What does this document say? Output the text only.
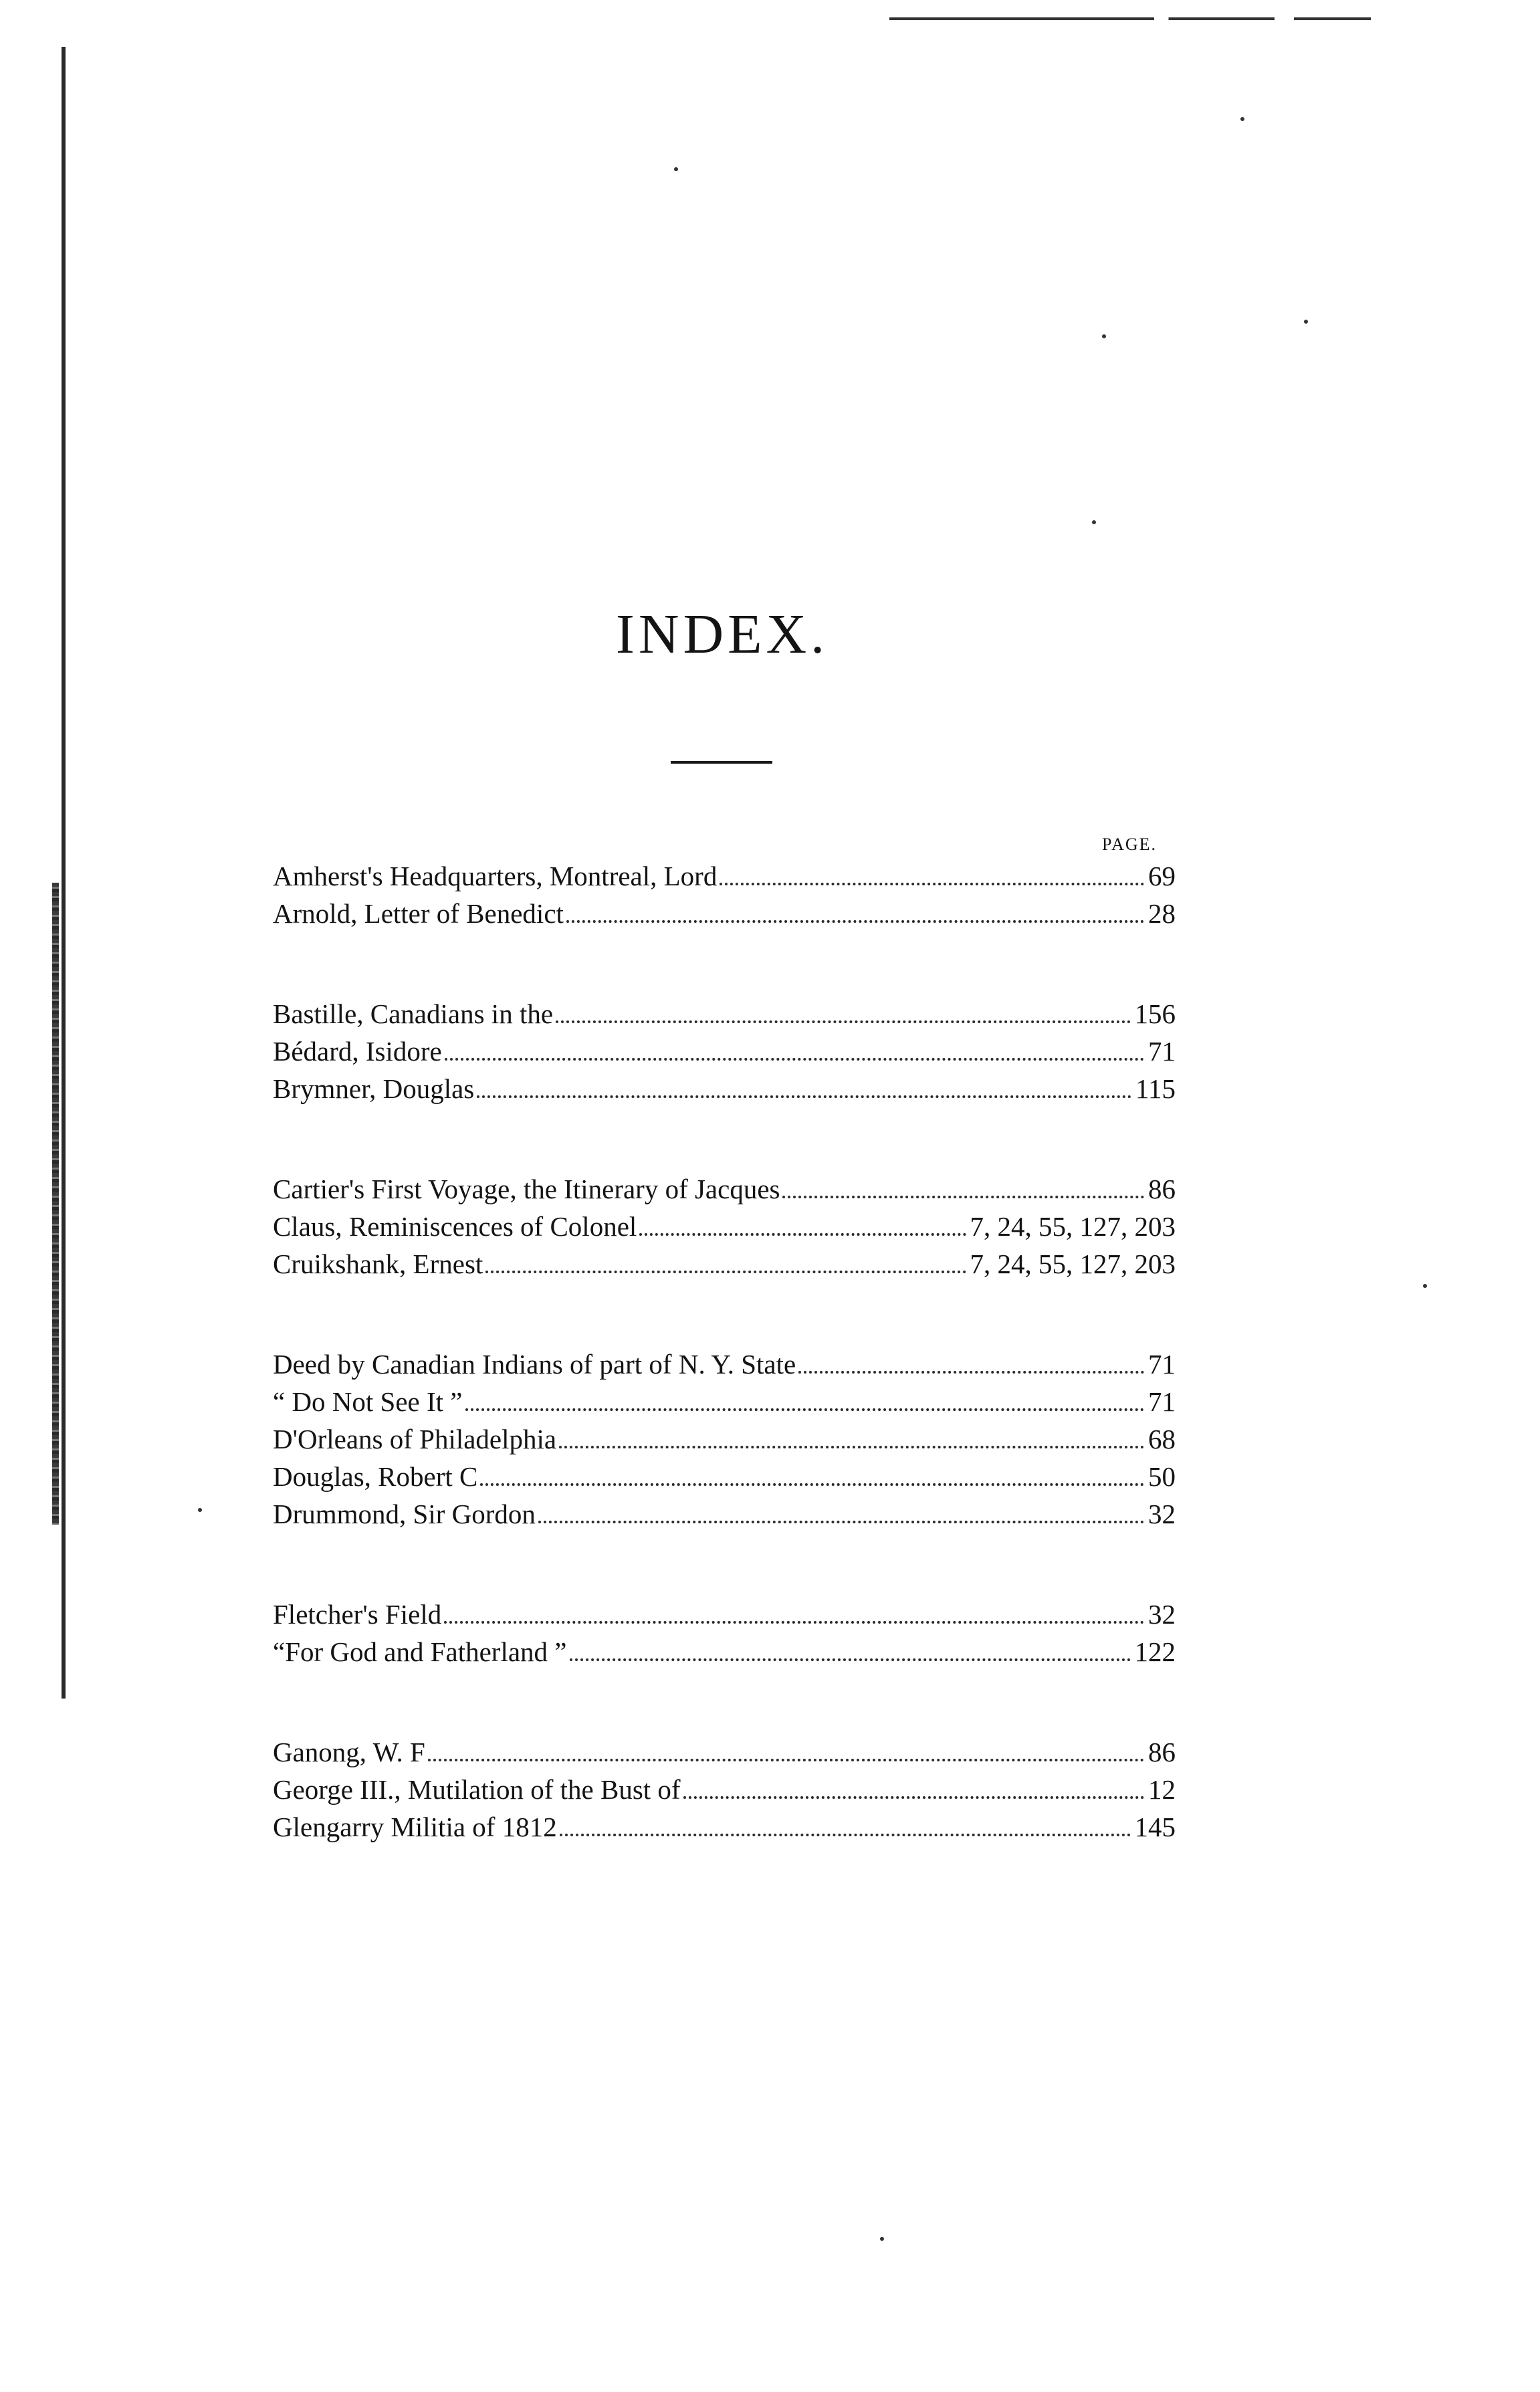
INDEX.
PAGE.
Amherst's Headquarters, Montreal, Lord	69
Arnold, Letter of Benedict	28
Bastille, Canadians in the	156
Bédard, Isidore	71
Brymner, Douglas	115
Cartier's First Voyage, the Itinerary of Jacques	86
Claus, Reminiscences of Colonel	7, 24, 55, 127, 203
Cruikshank, Ernest	7, 24, 55, 127, 203
Deed by Canadian Indians of part of N. Y. State	71
“ Do Not See It ”	71
D'Orleans of Philadelphia	68
Douglas, Robert C	50
Drummond, Sir Gordon	32
Fletcher's Field	32
“For God and Fatherland ”	122
Ganong, W. F	86
George III., Mutilation of the Bust of	12
Glengarry Militia of 1812	145
